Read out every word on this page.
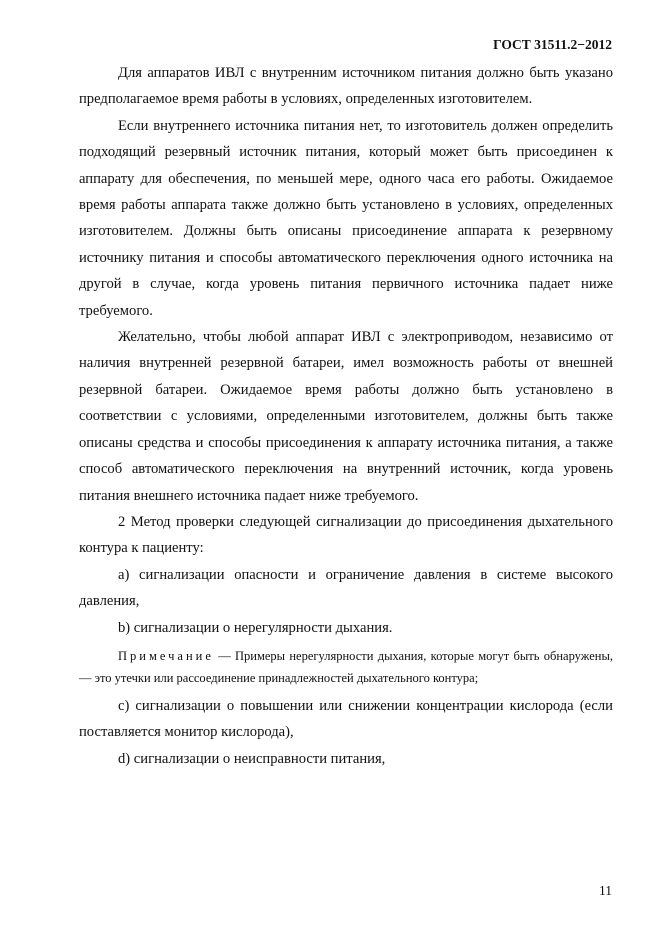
ГОСТ 31511.2−2012

Для аппаратов ИВЛ с внутренним источником питания должно быть указано предполагаемое время работы в условиях, определенных изготовителем.

Если внутреннего источника питания нет, то изготовитель должен определить подходящий резервный источник питания, который может быть присоединен к аппарату для обеспечения, по меньшей мере, одного часа его работы. Ожидаемое время работы аппарата также должно быть установлено в условиях, определенных изготовителем. Должны быть описаны присоединение аппарата к резервному источнику питания и способы автоматического переключения одного источника на другой в случае, когда уровень питания первичного источника падает ниже требуемого.

Желательно, чтобы любой аппарат ИВЛ с электроприводом, независимо от наличия внутренней резервной батареи, имел возможность работы от внешней резервной батареи. Ожидаемое время работы должно быть установлено в соответствии с условиями, определенными изготовителем, должны быть также описаны средства и способы присоединения к аппарату источника питания, а также способ автоматического переключения на внутренний источник, когда уровень питания внешнего источника падает ниже требуемого.

2 Метод проверки следующей сигнализации до присоединения дыхательного контура к пациенту:

a) сигнализации опасности и ограничение давления в системе высокого давления,

b) сигнализации о нерегулярности дыхания.

Примечание — Примеры нерегулярности дыхания, которые могут быть обнаружены, — это утечки или рассоединение принадлежностей дыхательного контура;

c) сигнализации о повышении или снижении концентрации кислорода (если поставляется монитор кислорода),

d) сигнализации о неисправности питания,

11
